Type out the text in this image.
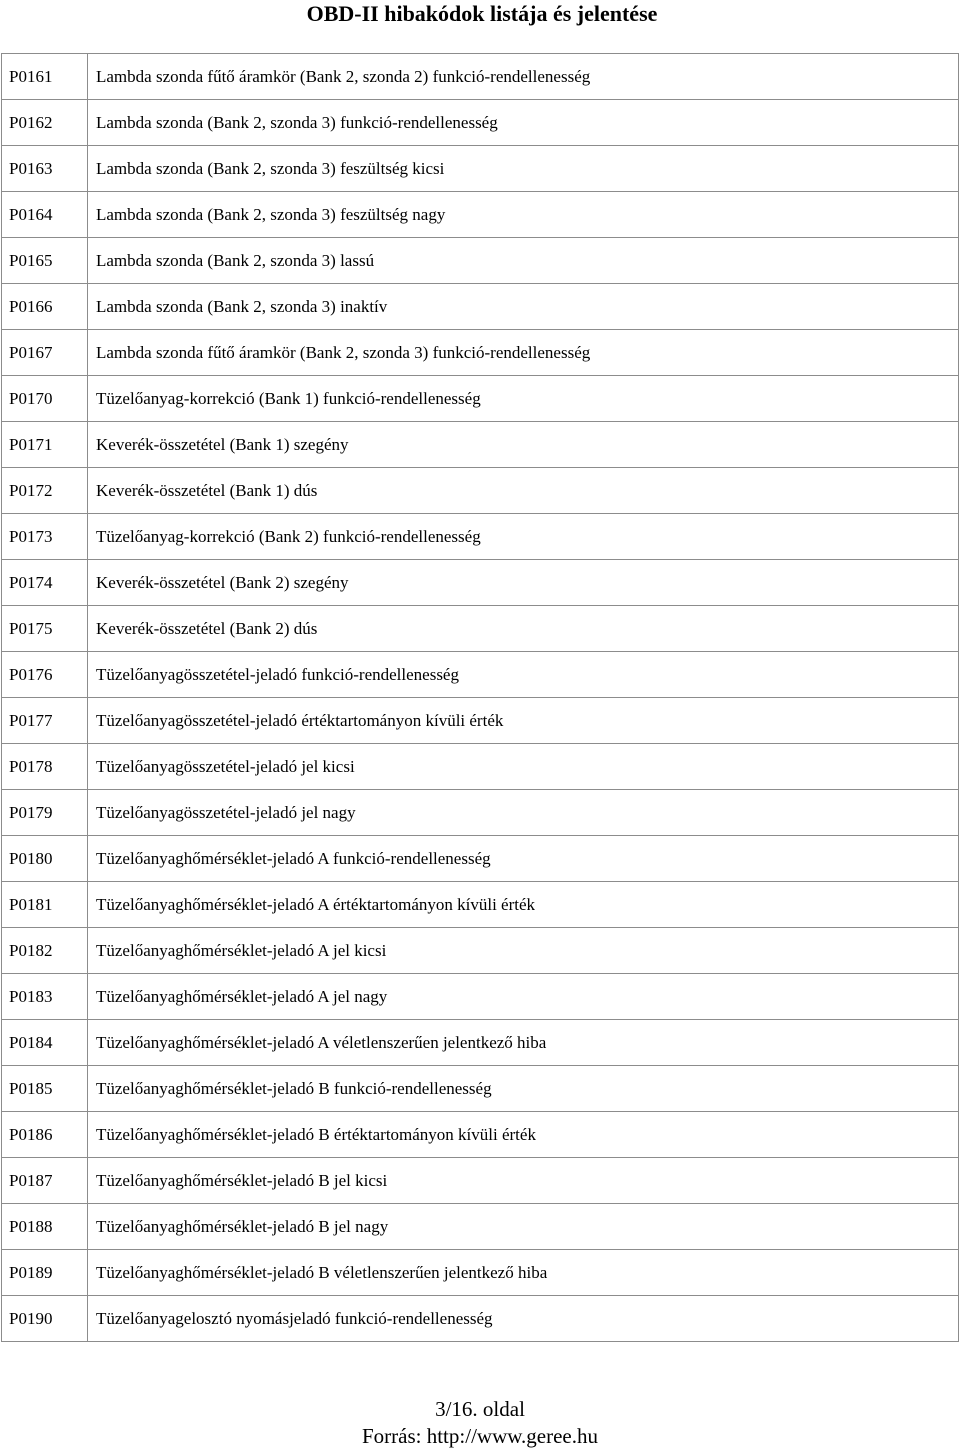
OBD-II hibakódok listája és jelentése
P0161	Lambda szonda fűtő áramkör (Bank 2, szonda 2) funkció-rendellenesség
P0162	Lambda szonda (Bank 2, szonda 3) funkció-rendellenesség
P0163	Lambda szonda (Bank 2, szonda 3) feszültség kicsi
P0164	Lambda szonda (Bank 2, szonda 3) feszültség nagy
P0165	Lambda szonda (Bank 2, szonda 3) lassú
P0166	Lambda szonda (Bank 2, szonda 3) inaktív
P0167	Lambda szonda fűtő áramkör (Bank 2, szonda 3) funkció-rendellenesség
P0170	Tüzelőanyag-korrekció (Bank 1) funkció-rendellenesség
P0171	Keverék-összetétel (Bank 1) szegény
P0172	Keverék-összetétel (Bank 1) dús
P0173	Tüzelőanyag-korrekció (Bank 2) funkció-rendellenesség
P0174	Keverék-összetétel (Bank 2) szegény
P0175	Keverék-összetétel (Bank 2) dús
P0176	Tüzelőanyagösszetétel-jeladó funkció-rendellenesség
P0177	Tüzelőanyagösszetétel-jeladó értéktartományon kívüli érték
P0178	Tüzelőanyagösszetétel-jeladó jel kicsi
P0179	Tüzelőanyagösszetétel-jeladó jel nagy
P0180	Tüzelőanyaghőmérséklet-jeladó A funkció-rendellenesség
P0181	Tüzelőanyaghőmérséklet-jeladó A értéktartományon kívüli érték
P0182	Tüzelőanyaghőmérséklet-jeladó A jel kicsi
P0183	Tüzelőanyaghőmérséklet-jeladó A jel nagy
P0184	Tüzelőanyaghőmérséklet-jeladó A véletlenszerűen jelentkező hiba
P0185	Tüzelőanyaghőmérséklet-jeladó B funkció-rendellenesség
P0186	Tüzelőanyaghőmérséklet-jeladó B értéktartományon kívüli érték
P0187	Tüzelőanyaghőmérséklet-jeladó B jel kicsi
P0188	Tüzelőanyaghőmérséklet-jeladó B jel nagy
P0189	Tüzelőanyaghőmérséklet-jeladó B véletlenszerűen jelentkező hiba
P0190	Tüzelőanyagelosztó nyomásjeladó funkció-rendellenesség
3/16. oldal
Forrás: http://www.geree.hu
